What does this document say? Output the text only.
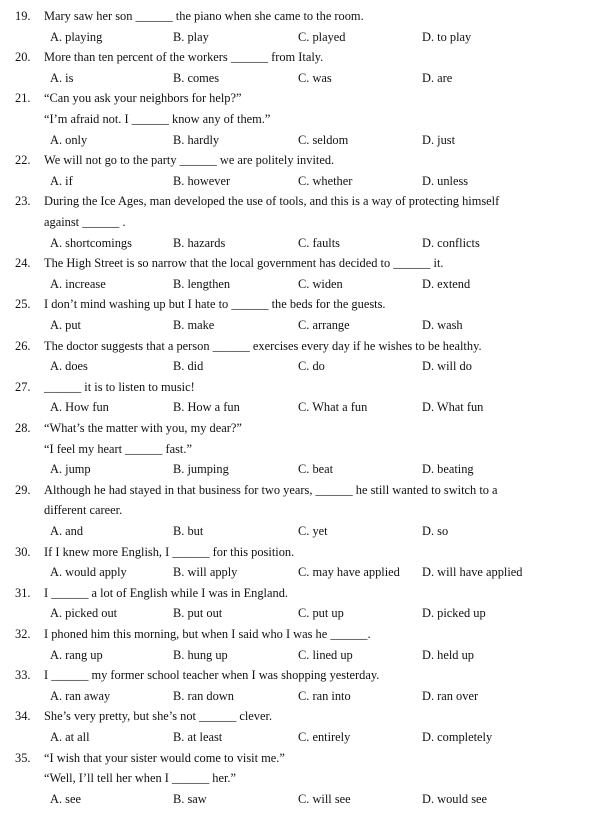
19.	Mary saw her son ______ the piano when she came to the room.
A. playing	B. play	C. played	D. to play
20.	More than ten percent of the workers ______ from Italy.
A. is	B. comes	C. was	D. are
21.	“Can you ask your neighbors for help?”
“I’m afraid not. I ______ know any of them.”
A. only	B. hardly	C. seldom	D. just
22.	We will not go to the party ______ we are politely invited.
A. if	B. however	C. whether	D. unless
23.	During the Ice Ages, man developed the use of tools, and this is a way of protecting himself
against ______ .
A. shortcomings	B. hazards	C. faults	D. conflicts
24.	The High Street is so narrow that the local government has decided to ______ it.
A. increase	B. lengthen	C. widen	D. extend
25.	I don’t mind washing up but I hate to ______ the beds for the guests.
A. put	B. make	C. arrange	D. wash
26.	The doctor suggests that a person ______ exercises every day if he wishes to be healthy.
A. does	B. did	C. do	D. will do
27.	______ it is to listen to music!
A. How fun	B. How a fun	C. What a fun	D. What fun
28.	“What’s the matter with you, my dear?”
“I feel my heart ______ fast.”
A. jump	B. jumping	C. beat	D. beating
29.	Although he had stayed in that business for two years, ______ he still wanted to switch to a
different career.
A. and	B. but	C. yet	D. so
30.	If I knew more English, I ______ for this position.
A. would apply	B. will apply	C. may have applied D. will have applied
31.	I ______ a lot of English while I was in England.
A. picked out	B. put out	C. put up	D. picked up
32.	I phoned him this morning, but when I said who I was he ______.
A. rang up	B. hung up	C. lined up	D. held up
33.	I ______ my former school teacher when I was shopping yesterday.
A. ran away	B. ran down	C. ran into	D. ran over
34.	She’s very pretty, but she’s not ______ clever.
A. at all	B. at least	C. entirely	D. completely
35.	“I wish that your sister would come to visit me.”
“Well, I’ll tell her when I ______ her.”
A. see	B. saw	C. will see	D. would see
